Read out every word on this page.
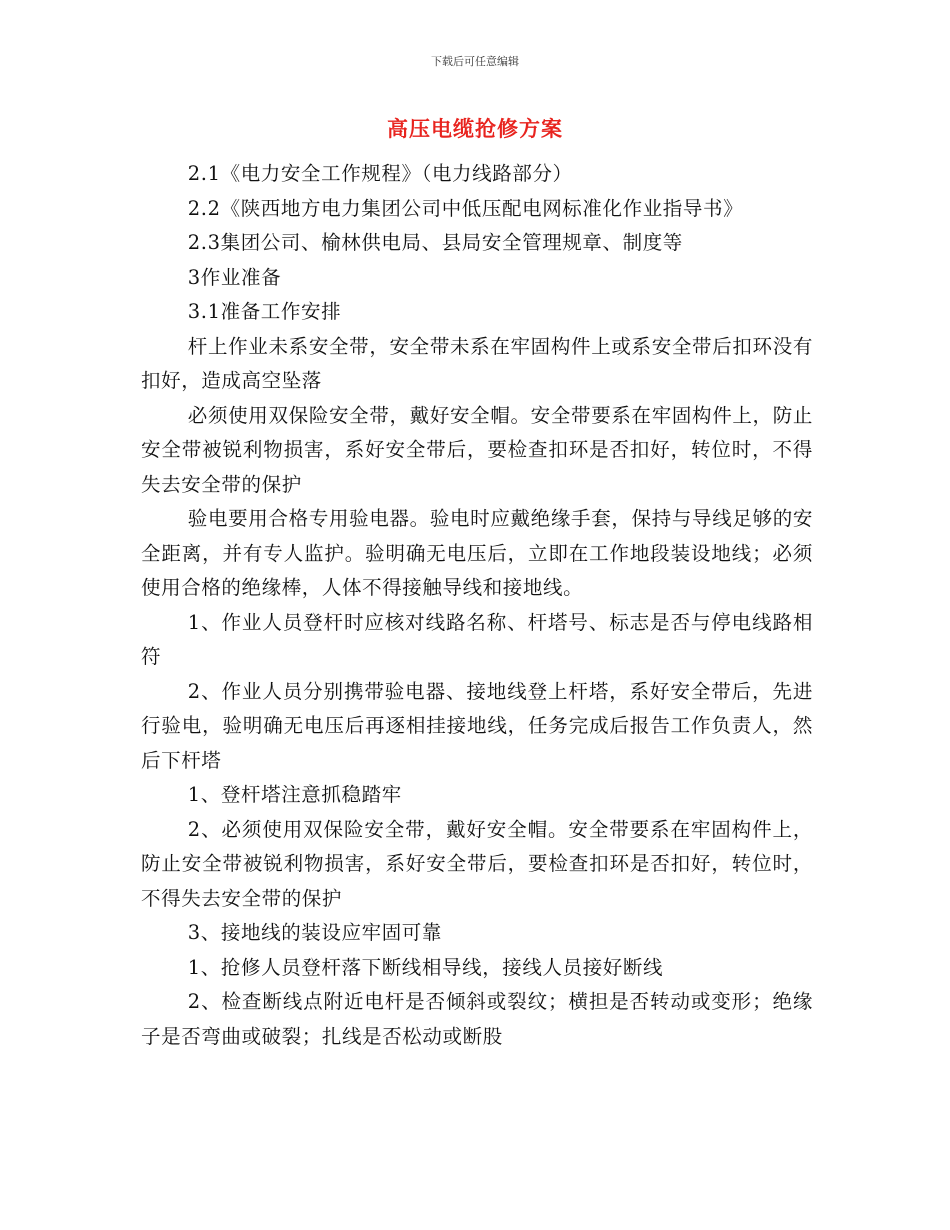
下载后可任意编辑
高压电缆抢修方案

2.1《电力安全工作规程》（电力线路部分）

2.2《陕西地方电力集团公司中低压配电网标准化作业指导书》

2.3集团公司、榆林供电局、县局安全管理规章、制度等

3作业准备

3.1准备工作安排

杆上作业未系安全带，安全带未系在牢固构件上或系安全带后扣环没有扣好，造成高空坠落

必须使用双保险安全带，戴好安全帽。安全带要系在牢固构件上，防止安全带被锐利物损害，系好安全带后，要检查扣环是否扣好，转位时，不得失去安全带的保护

验电要用合格专用验电器。验电时应戴绝缘手套，保持与导线足够的安全距离，并有专人监护。验明确无电压后，立即在工作地段装设地线；必须使用合格的绝缘棒，人体不得接触导线和接地线。

1、作业人员登杆时应核对线路名称、杆塔号、标志是否与停电线路相符

2、作业人员分别携带验电器、接地线登上杆塔，系好安全带后，先进行验电，验明确无电压后再逐相挂接地线，任务完成后报告工作负责人，然后下杆塔

1、登杆塔注意抓稳踏牢

2、必须使用双保险安全带，戴好安全帽。安全带要系在牢固构件上，防止安全带被锐利物损害，系好安全带后，要检查扣环是否扣好，转位时，不得失去安全带的保护

3、接地线的装设应牢固可靠

1、抢修人员登杆落下断线相导线，接线人员接好断线

2、检查断线点附近电杆是否倾斜或裂纹；横担是否转动或变形；绝缘子是否弯曲或破裂；扎线是否松动或断股
